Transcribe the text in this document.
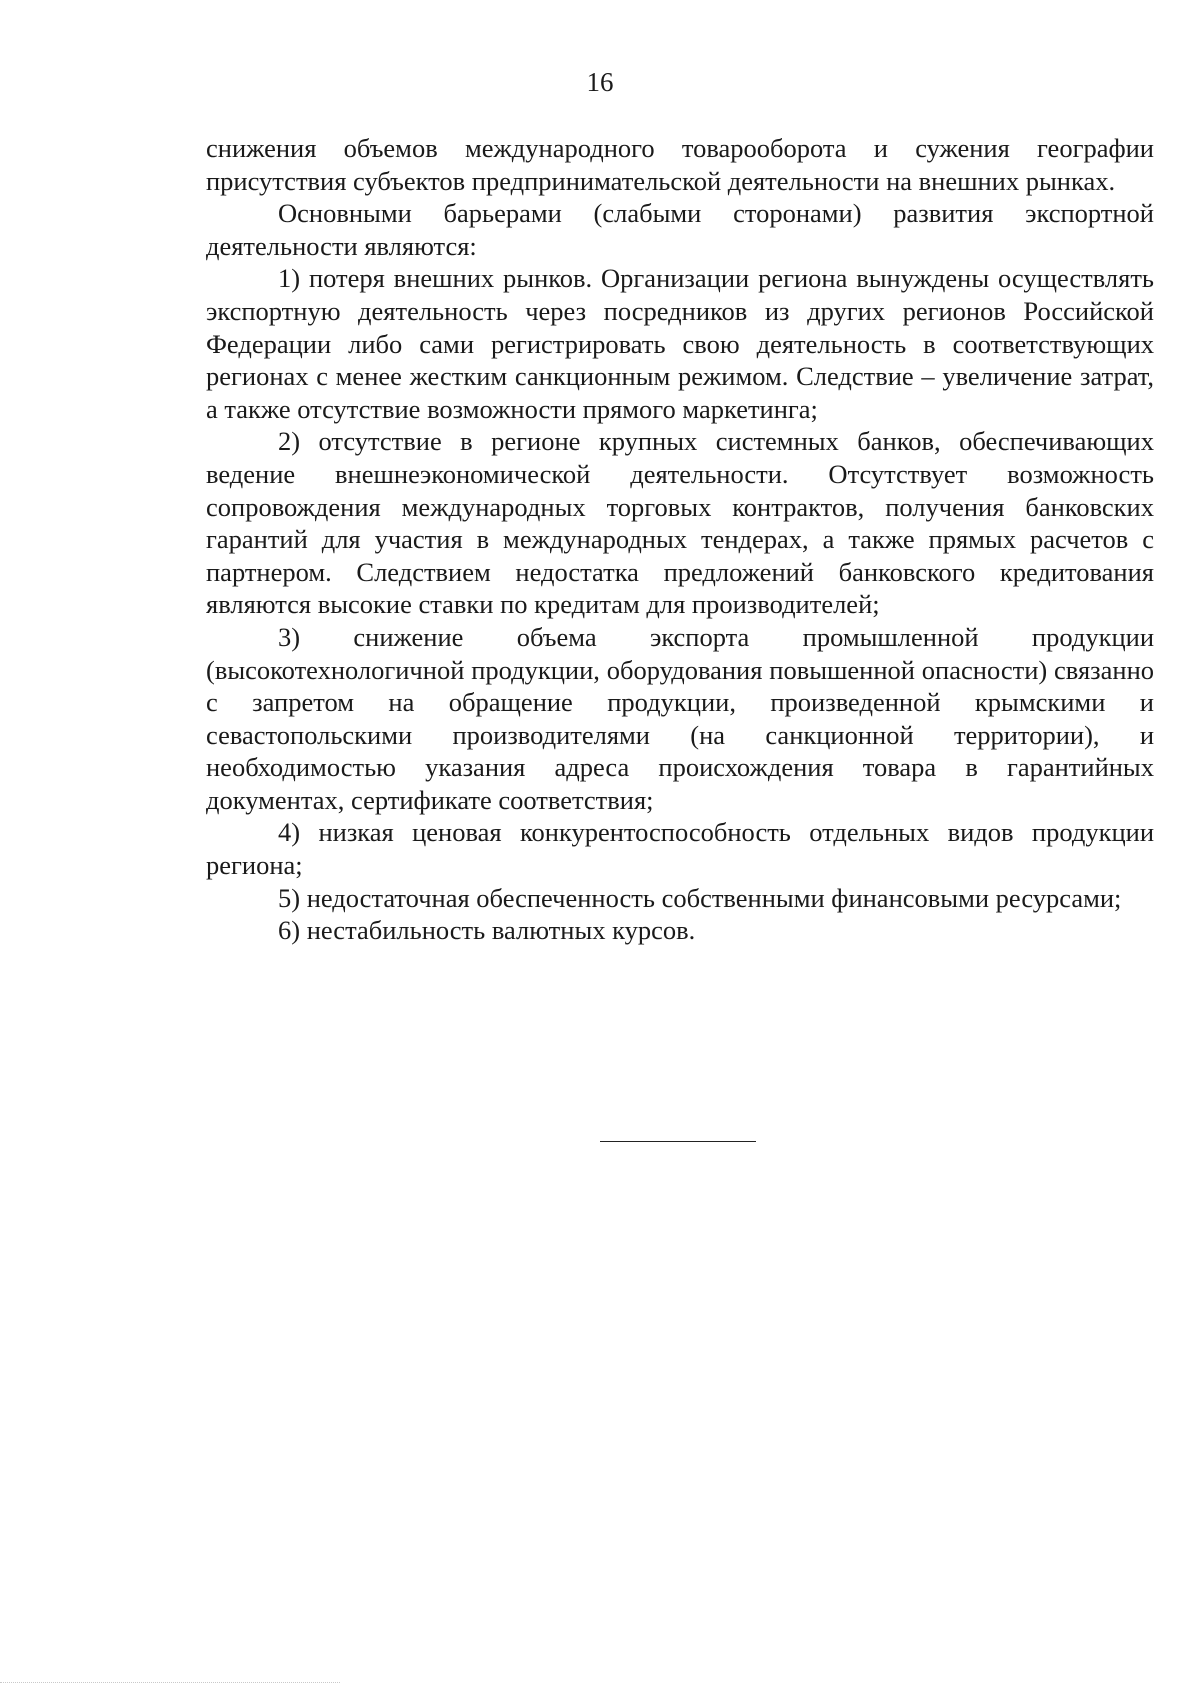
16

снижения объемов международного товарооборота и сужения географии присутствия субъектов предпринимательской деятельности на внешних рынках.

Основными барьерами (слабыми сторонами) развития экспортной деятельности являются:

1) потеря внешних рынков. Организации региона вынуждены осуществлять экспортную деятельность через посредников из других регионов Российской Федерации либо сами регистрировать свою деятельность в соответствующих регионах с менее жестким санкционным режимом. Следствие – увеличение затрат, а также отсутствие возможности прямого маркетинга;

2) отсутствие в регионе крупных системных банков, обеспечивающих ведение внешнеэкономической деятельности. Отсутствует возможность сопровождения международных торговых контрактов, получения банковских гарантий для участия в международных тендерах, а также прямых расчетов с партнером. Следствием недостатка предложений банковского кредитования являются высокие ставки по кредитам для производителей;

3) снижение объема экспорта промышленной продукции (высокотехнологичной продукции, оборудования повышенной опасности) связанно с запретом на обращение продукции, произведенной крымскими и севастопольскими производителями (на санкционной территории), и необходимостью указания адреса происхождения товара в гарантийных документах, сертификате соответствия;

4) низкая ценовая конкурентоспособность отдельных видов продукции региона;

5) недостаточная обеспеченность собственными финансовыми ресурсами;

6) нестабильность валютных курсов.
